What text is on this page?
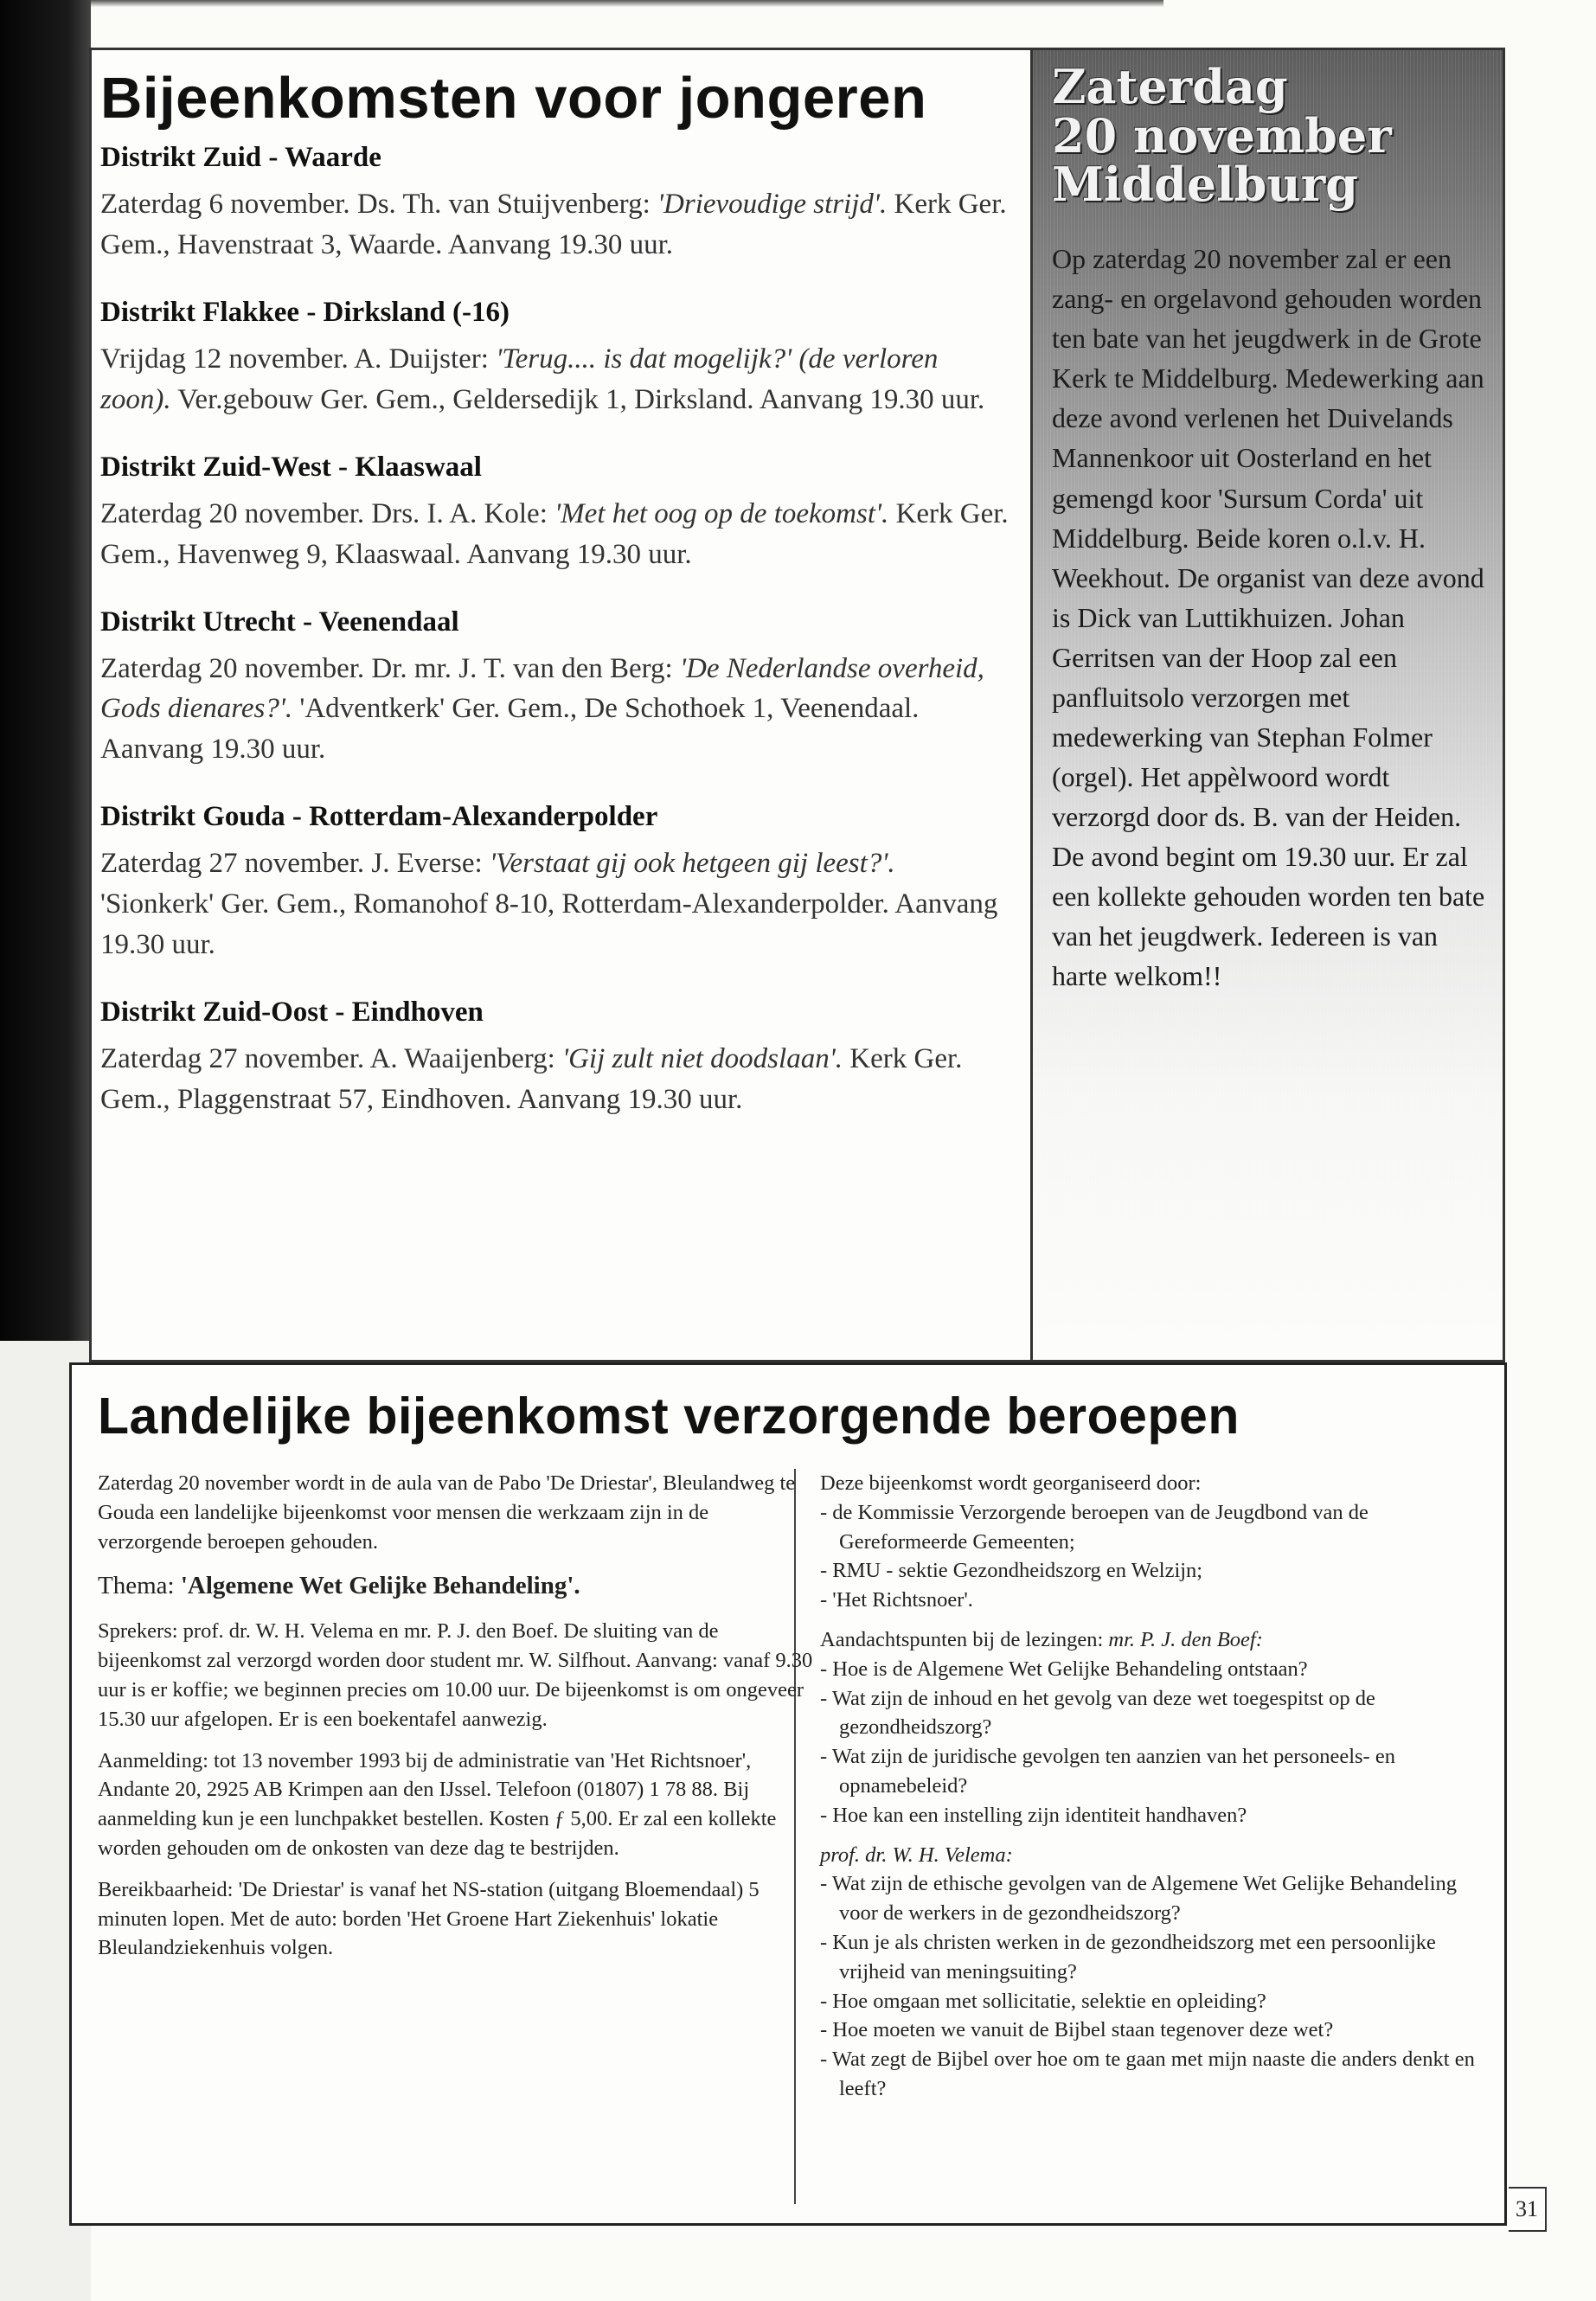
Bijeenkomsten voor jongeren
Distrikt Zuid - Waarde

Zaterdag 6 november. Ds. Th. van Stuijvenberg: 'Drievoudige strijd'. Kerk Ger. Gem., Havenstraat 3, Waarde. Aanvang 19.30 uur.

Distrikt Flakkee - Dirksland (-16)

Vrijdag 12 november. A. Duijster: 'Terug.... is dat mogelijk?' (de verloren zoon). Ver.gebouw Ger. Gem., Geldersedijk 1, Dirksland. Aanvang 19.30 uur.

Distrikt Zuid-West - Klaaswaal

Zaterdag 20 november. Drs. I. A. Kole: 'Met het oog op de toekomst'. Kerk Ger. Gem., Havenweg 9, Klaaswaal. Aanvang 19.30 uur.

Distrikt Utrecht - Veenendaal

Zaterdag 20 november. Dr. mr. J. T. van den Berg: 'De Nederlandse overheid, Gods dienares?'. 'Adventkerk' Ger. Gem., De Schothoek 1, Veenendaal. Aanvang 19.30 uur.

Distrikt Gouda - Rotterdam-Alexanderpolder

Zaterdag 27 november. J. Everse: 'Verstaat gij ook hetgeen gij leest?'. 'Sionkerk' Ger. Gem., Romanohof 8-10, Rotterdam-Alexanderpolder. Aanvang 19.30 uur.

Distrikt Zuid-Oost - Eindhoven

Zaterdag 27 november. A. Waaijenberg: 'Gij zult niet doodslaan'. Kerk Ger. Gem., Plaggenstraat 57, Eindhoven. Aanvang 19.30 uur.

Zaterdag
20 november
Middelburg

Op zaterdag 20 november zal er een zang- en orgelavond gehouden worden ten bate van het jeugdwerk in de Grote Kerk te Middelburg. Medewerking aan deze avond verlenen het Duivelands Mannenkoor uit Oosterland en het gemengd koor 'Sursum Corda' uit Middelburg. Beide koren o.l.v. H. Weekhout. De organist van deze avond is Dick van Luttikhuizen. Johan Gerritsen van der Hoop zal een panfluitsolo verzorgen met medewerking van Stephan Folmer (orgel). Het appèlwoord wordt verzorgd door ds. B. van der Heiden. De avond begint om 19.30 uur. Er zal een kollekte gehouden worden ten bate van het jeugdwerk. Iedereen is van harte welkom!!

Landelijke bijeenkomst verzorgende beroepen

Zaterdag 20 november wordt in de aula van de Pabo 'De Driestar', Bleulandweg te Gouda een landelijke bijeenkomst voor mensen die werkzaam zijn in de verzorgende beroepen gehouden.

Thema: 'Algemene Wet Gelijke Behandeling'.

Sprekers: prof. dr. W. H. Velema en mr. P. J. den Boef. De sluiting van de bijeenkomst zal verzorgd worden door student mr. W. Silfhout. Aanvang: vanaf 9.30 uur is er koffie; we beginnen precies om 10.00 uur. De bijeenkomst is om ongeveer 15.30 uur afgelopen. Er is een boekentafel aanwezig.

Aanmelding: tot 13 november 1993 bij de administratie van 'Het Richtsnoer', Andante 20, 2925 AB Krimpen aan den IJssel. Telefoon (01807) 1 78 88. Bij aanmelding kun je een lunchpakket bestellen. Kosten ƒ 5,00. Er zal een kollekte worden gehouden om de onkosten van deze dag te bestrijden.

Bereikbaarheid: 'De Driestar' is vanaf het NS-station (uitgang Bloemendaal) 5 minuten lopen. Met de auto: borden 'Het Groene Hart Ziekenhuis' lokatie Bleulandziekenhuis volgen.

Deze bijeenkomst wordt georganiseerd door:

- de Kommissie Verzorgende beroepen van de Jeugdbond van de Gereformeerde Gemeenten;
- RMU - sektie Gezondheidszorg en Welzijn;
- 'Het Richtsnoer'.

Aandachtspunten bij de lezingen: mr. P. J. den Boef:

- Hoe is de Algemene Wet Gelijke Behandeling ontstaan?
- Wat zijn de inhoud en het gevolg van deze wet toegespitst op de gezondheidszorg?
- Wat zijn de juridische gevolgen ten aanzien van het personeels- en opnamebeleid?
- Hoe kan een instelling zijn identiteit handhaven?

prof. dr. W. H. Velema:

- Wat zijn de ethische gevolgen van de Algemene Wet Gelijke Behandeling voor de werkers in de gezondheidszorg?
- Kun je als christen werken in de gezondheidszorg met een persoonlijke vrijheid van meningsuiting?
- Hoe omgaan met sollicitatie, selektie en opleiding?
- Hoe moeten we vanuit de Bijbel staan tegenover deze wet?
- Wat zegt de Bijbel over hoe om te gaan met mijn naaste die anders denkt en leeft?
31
